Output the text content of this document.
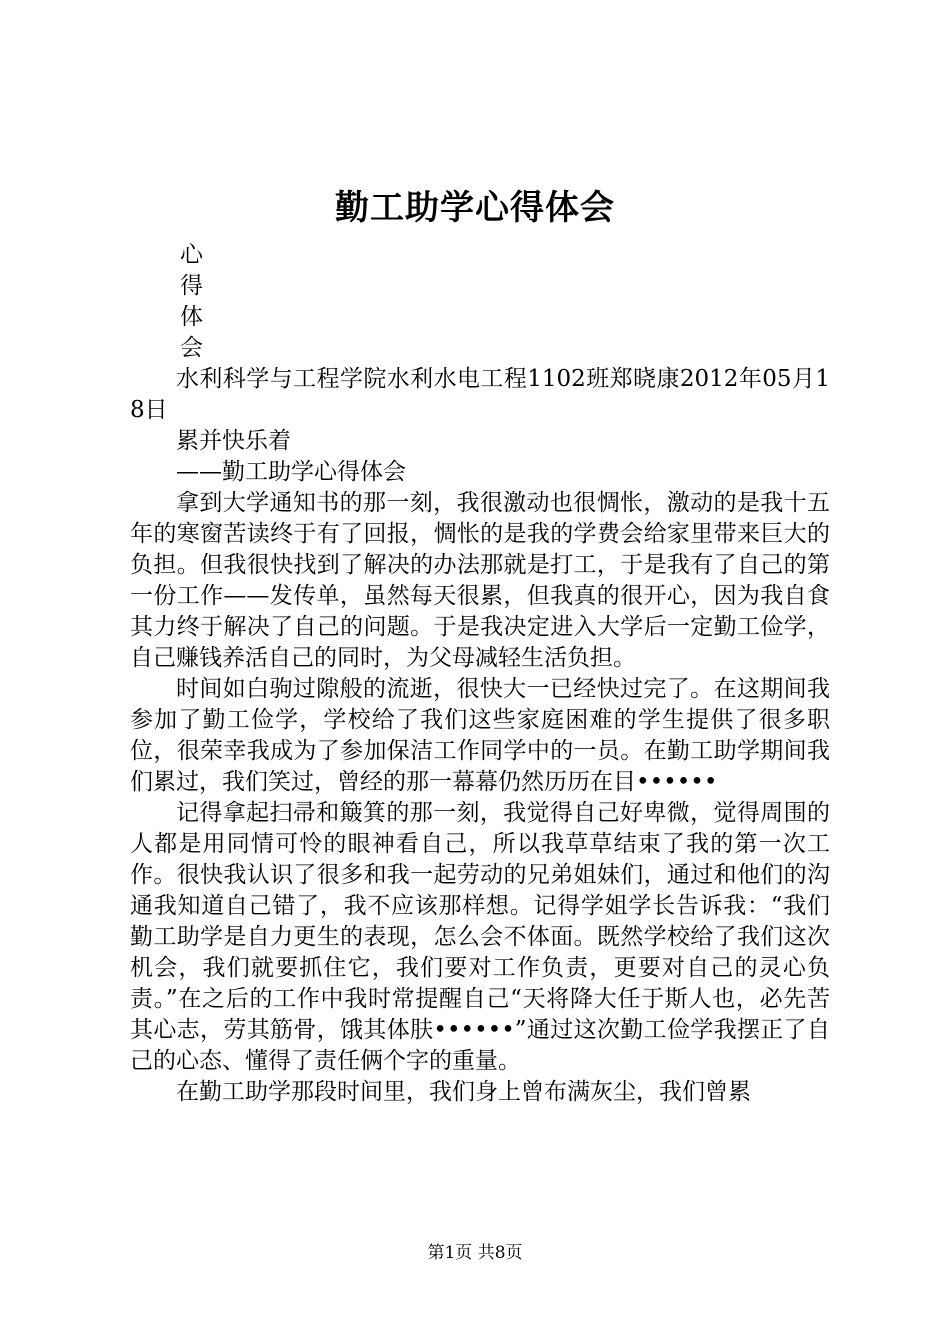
勤工助学心得体会
心
得
体
会

水利科学与工程学院水利水电工程1102班郑晓康2012年05月18日

累并快乐着

——勤工助学心得体会

拿到大学通知书的那一刻，我很激动也很惆怅，激动的是我十五年的寒窗苦读终于有了回报，惆怅的是我的学费会给家里带来巨大的负担。但我很快找到了解决的办法那就是打工，于是我有了自己的第一份工作——发传单，虽然每天很累，但我真的很开心，因为我自食其力终于解决了自己的问题。于是我决定进入大学后一定勤工俭学，自己赚钱养活自己的同时，为父母减轻生活负担。

时间如白驹过隙般的流逝，很快大一已经快过完了。在这期间我参加了勤工俭学，学校给了我们这些家庭困难的学生提供了很多职位，很荣幸我成为了参加保洁工作同学中的一员。在勤工助学期间我们累过，我们笑过，曾经的那一幕幕仍然历历在目••••••

记得拿起扫帚和簸箕的那一刻，我觉得自己好卑微，觉得周围的人都是用同情可怜的眼神看自己，所以我草草结束了我的第一次工作。很快我认识了很多和我一起劳动的兄弟姐妹们，通过和他们的沟通我知道自己错了，我不应该那样想。记得学姐学长告诉我：“我们勤工助学是自力更生的表现，怎么会不体面。既然学校给了我们这次机会，我们就要抓住它，我们要对工作负责，更要对自己的灵心负责。”在之后的工作中我时常提醒自己“天将降大任于斯人也，必先苦其心志，劳其筋骨，饿其体肤••••••”通过这次勤工俭学我摆正了自己的心态、懂得了责任俩个字的重量。

在勤工助学那段时间里，我们身上曾布满灰尘，我们曾累

第1页 共8页
